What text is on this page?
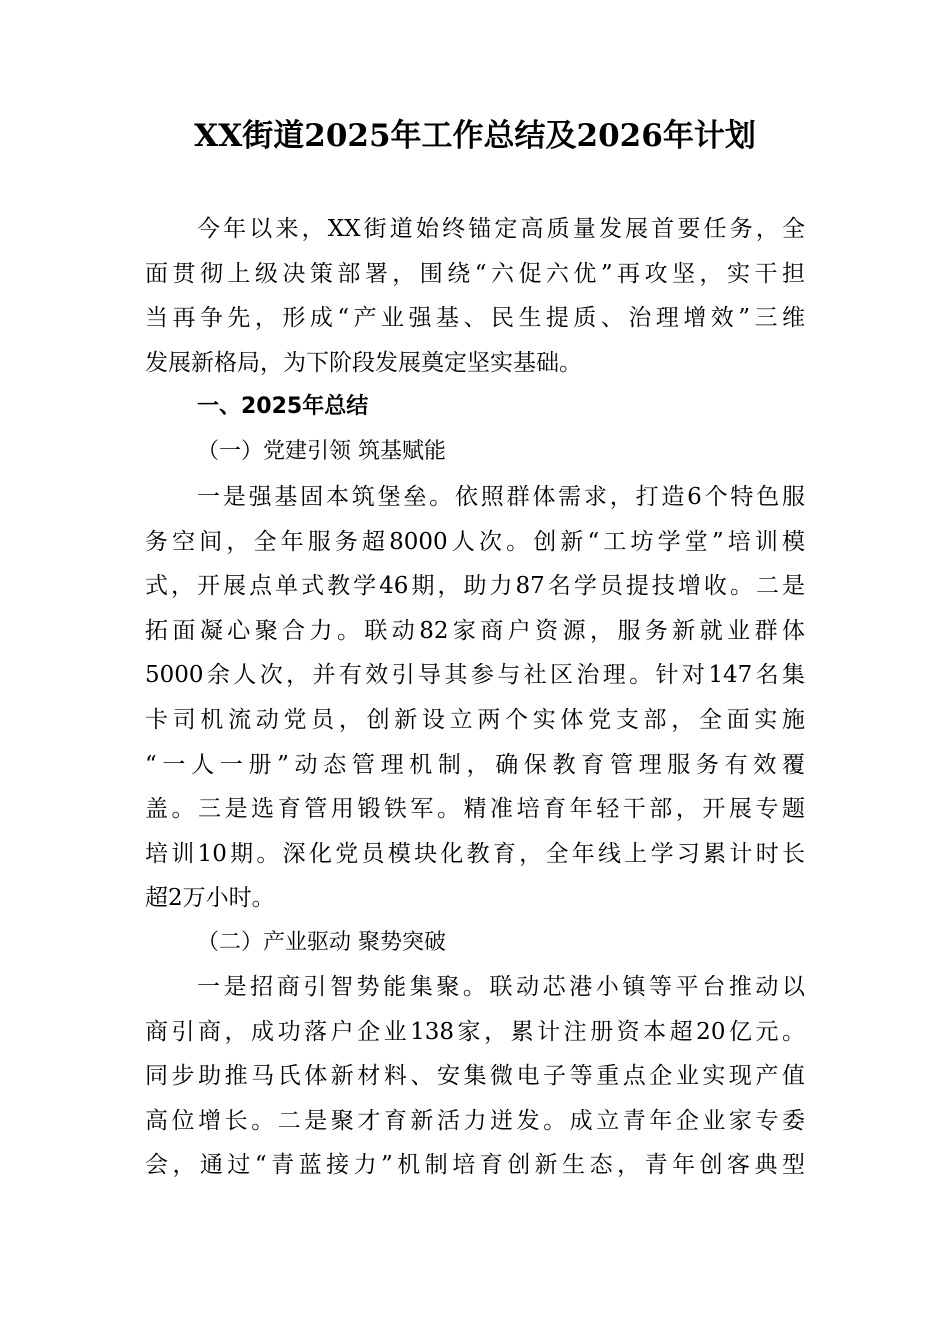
XX街道2025年工作总结及2026年计划
今年以来，XX街道始终锚定高质量发展首要任务，全
面贯彻上级决策部署，围绕“六促六优”再攻坚，实干担
当再争先，形成“产业强基、民生提质、治理增效”三维
发展新格局，为下阶段发展奠定坚实基础。
一、2025年总结
（一）党建引领 筑基赋能
一是强基固本筑堡垒。依照群体需求，打造6个特色服
务空间，全年服务超8000人次。创新“工坊学堂”培训模
式，开展点单式教学46期，助力87名学员提技增收。二是
拓面凝心聚合力。联动82家商户资源，服务新就业群体
5000余人次，并有效引导其参与社区治理。针对147名集
卡司机流动党员，创新设立两个实体党支部，全面实施
“一人一册”动态管理机制，确保教育管理服务有效覆
盖。三是选育管用锻铁军。精准培育年轻干部，开展专题
培训10期。深化党员模块化教育，全年线上学习累计时长
超2万小时。
（二）产业驱动 聚势突破
一是招商引智势能集聚。联动芯港小镇等平台推动以
商引商，成功落户企业138家，累计注册资本超20亿元。
同步助推马氏体新材料、安集微电子等重点企业实现产值
高位增长。二是聚才育新活力迸发。成立青年企业家专委
会，通过“青蓝接力”机制培育创新生态，青年创客典型
